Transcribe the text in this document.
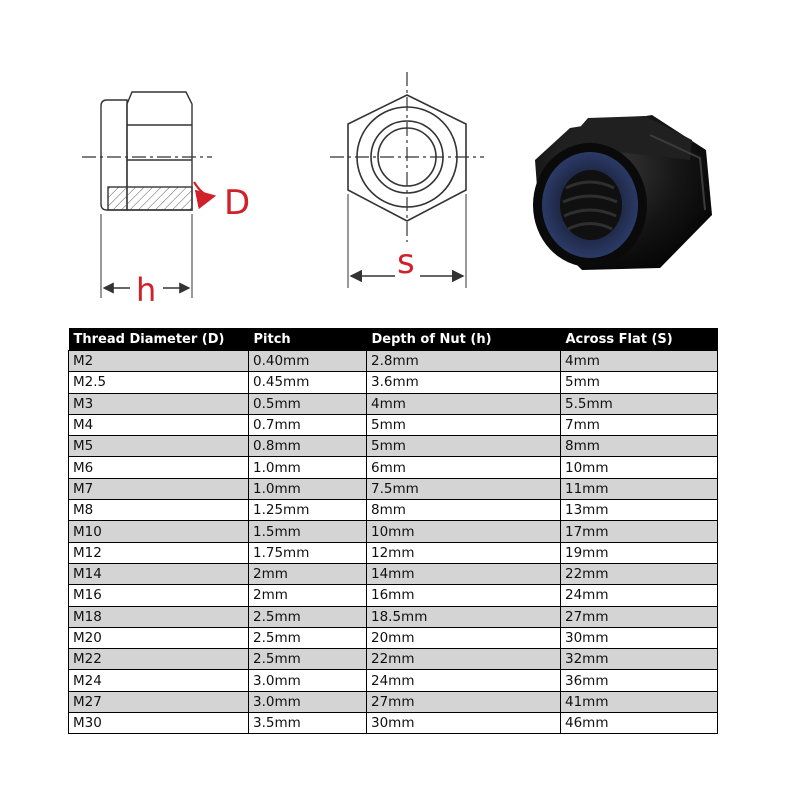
D
h
s
Thread Diameter (D)	Pitch	Depth of Nut (h)	Across Flat (S)
M2	0.40mm	2.8mm	4mm
M2.5	0.45mm	3.6mm	5mm
M3	0.5mm	4mm	5.5mm
M4	0.7mm	5mm	7mm
M5	0.8mm	5mm	8mm
M6	1.0mm	6mm	10mm
M7	1.0mm	7.5mm	11mm
M8	1.25mm	8mm	13mm
M10	1.5mm	10mm	17mm
M12	1.75mm	12mm	19mm
M14	2mm	14mm	22mm
M16	2mm	16mm	24mm
M18	2.5mm	18.5mm	27mm
M20	2.5mm	20mm	30mm
M22	2.5mm	22mm	32mm
M24	3.0mm	24mm	36mm
M27	3.0mm	27mm	41mm
M30	3.5mm	30mm	46mm
